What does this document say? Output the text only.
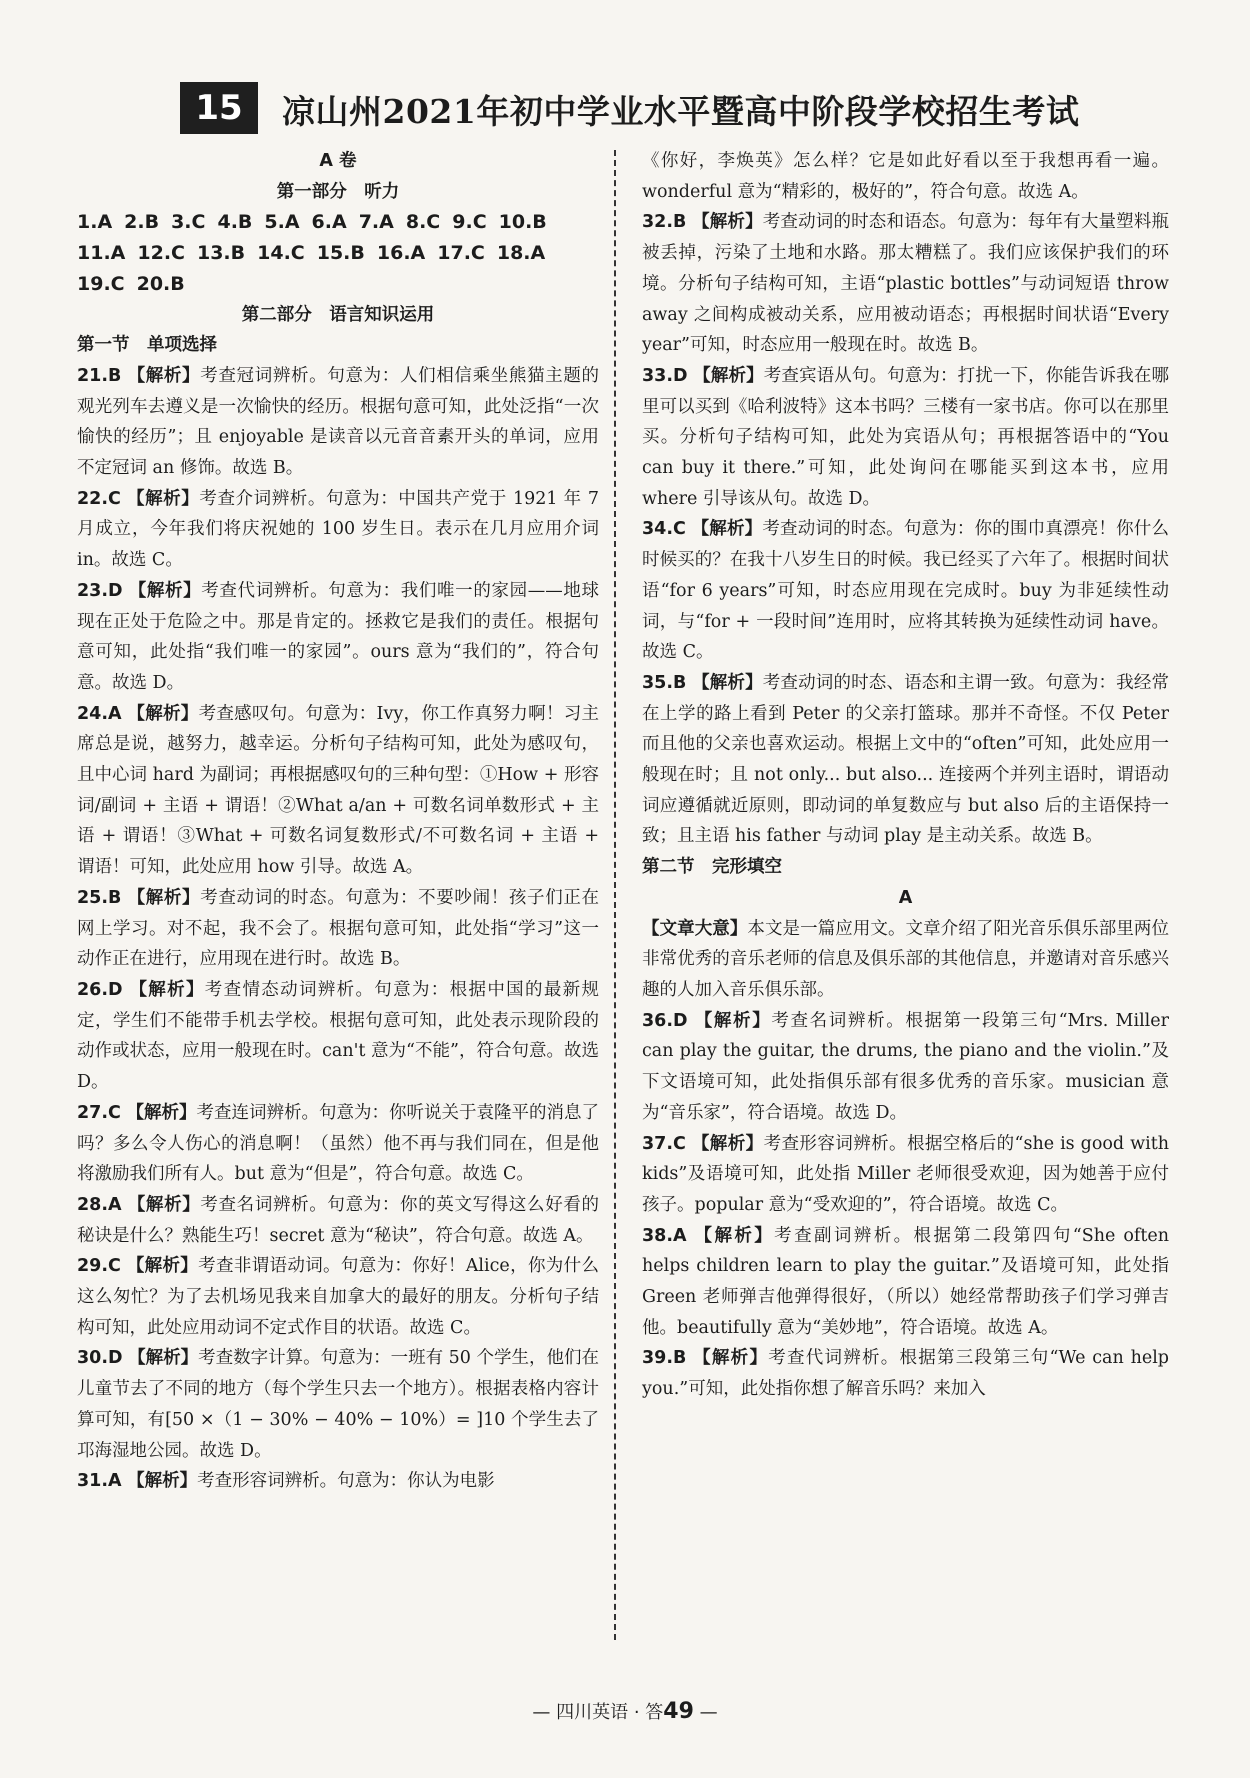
15	凉山州2021年初中学业水平暨高中阶段学校招生考试
A 卷
第一部分　听力
1.A 2.B 3.C 4.B 5.A 6.A 7.A 8.C 9.C 10.B
11.A 12.C 13.B 14.C 15.B 16.A 17.C 18.A
19.C 20.B
第二部分　语言知识运用
第一节　单项选择

21.B 【解析】考查冠词辨析。句意为：人们相信乘坐熊猫主题的观光列车去遵义是一次愉快的经历。根据句意可知，此处泛指“一次愉快的经历”；且 enjoyable 是读音以元音音素开头的单词，应用不定冠词 an 修饰。故选 B。

22.C 【解析】考查介词辨析。句意为：中国共产党于 1921 年 7 月成立，今年我们将庆祝她的 100 岁生日。表示在几月应用介词 in。故选 C。

23.D 【解析】考查代词辨析。句意为：我们唯一的家园——地球现在正处于危险之中。那是肯定的。拯救它是我们的责任。根据句意可知，此处指“我们唯一的家园”。ours 意为“我们的”，符合句意。故选 D。

24.A 【解析】考查感叹句。句意为：Ivy，你工作真努力啊！习主席总是说，越努力，越幸运。分析句子结构可知，此处为感叹句，且中心词 hard 为副词；再根据感叹句的三种句型：①How + 形容词/副词 + 主语 + 谓语！②What a/an + 可数名词单数形式 + 主语 + 谓语！③What + 可数名词复数形式/不可数名词 + 主语 + 谓语！可知，此处应用 how 引导。故选 A。

25.B 【解析】考查动词的时态。句意为：不要吵闹！孩子们正在网上学习。对不起，我不会了。根据句意可知，此处指“学习”这一动作正在进行，应用现在进行时。故选 B。

26.D 【解析】考查情态动词辨析。句意为：根据中国的最新规定，学生们不能带手机去学校。根据句意可知，此处表示现阶段的动作或状态，应用一般现在时。can't 意为“不能”，符合句意。故选 D。

27.C 【解析】考查连词辨析。句意为：你听说关于袁隆平的消息了吗？多么令人伤心的消息啊！（虽然）他不再与我们同在，但是他将激励我们所有人。but 意为“但是”，符合句意。故选 C。

28.A 【解析】考查名词辨析。句意为：你的英文写得这么好看的秘诀是什么？熟能生巧！secret 意为“秘诀”，符合句意。故选 A。

29.C 【解析】考查非谓语动词。句意为：你好！Alice，你为什么这么匆忙？为了去机场见我来自加拿大的最好的朋友。分析句子结构可知，此处应用动词不定式作目的状语。故选 C。

30.D 【解析】考查数字计算。句意为：一班有 50 个学生，他们在儿童节去了不同的地方（每个学生只去一个地方）。根据表格内容计算可知，有[50 ×（1 − 30% − 40% − 10%）= ]10 个学生去了邛海湿地公园。故选 D。

31.A 【解析】考查形容词辨析。句意为：你认为电影

《你好，李焕英》怎么样？它是如此好看以至于我想再看一遍。wonderful 意为“精彩的，极好的”，符合句意。故选 A。

32.B 【解析】考查动词的时态和语态。句意为：每年有大量塑料瓶被丢掉，污染了土地和水路。那太糟糕了。我们应该保护我们的环境。分析句子结构可知，主语“plastic bottles”与动词短语 throw away 之间构成被动关系，应用被动语态；再根据时间状语“Every year”可知，时态应用一般现在时。故选 B。

33.D 【解析】考查宾语从句。句意为：打扰一下，你能告诉我在哪里可以买到《哈利波特》这本书吗？三楼有一家书店。你可以在那里买。分析句子结构可知，此处为宾语从句；再根据答语中的“You can buy it there.”可知，此处询问在哪能买到这本书，应用 where 引导该从句。故选 D。

34.C 【解析】考查动词的时态。句意为：你的围巾真漂亮！你什么时候买的？在我十八岁生日的时候。我已经买了六年了。根据时间状语“for 6 years”可知，时态应用现在完成时。buy 为非延续性动词，与“for + 一段时间”连用时，应将其转换为延续性动词 have。故选 C。

35.B 【解析】考查动词的时态、语态和主谓一致。句意为：我经常在上学的路上看到 Peter 的父亲打篮球。那并不奇怪。不仅 Peter 而且他的父亲也喜欢运动。根据上文中的“often”可知，此处应用一般现在时；且 not only... but also... 连接两个并列主语时，谓语动词应遵循就近原则，即动词的单复数应与 but also 后的主语保持一致；且主语 his father 与动词 play 是主动关系。故选 B。

第二节　完形填空
A

【文章大意】本文是一篇应用文。文章介绍了阳光音乐俱乐部里两位非常优秀的音乐老师的信息及俱乐部的其他信息，并邀请对音乐感兴趣的人加入音乐俱乐部。

36.D 【解析】考查名词辨析。根据第一段第三句“Mrs. Miller can play the guitar, the drums, the piano and the violin.”及下文语境可知，此处指俱乐部有很多优秀的音乐家。musician 意为“音乐家”，符合语境。故选 D。

37.C 【解析】考查形容词辨析。根据空格后的“she is good with kids”及语境可知，此处指 Miller 老师很受欢迎，因为她善于应付孩子。popular 意为“受欢迎的”，符合语境。故选 C。

38.A 【解析】考查副词辨析。根据第二段第四句“She often helps children learn to play the guitar.”及语境可知，此处指 Green 老师弹吉他弹得很好，（所以）她经常帮助孩子们学习弹吉他。beautifully 意为“美妙地”，符合语境。故选 A。

39.B 【解析】考查代词辨析。根据第三段第三句“We can help you.”可知，此处指你想了解音乐吗？来加入

— 四川英语 · 答49 —
